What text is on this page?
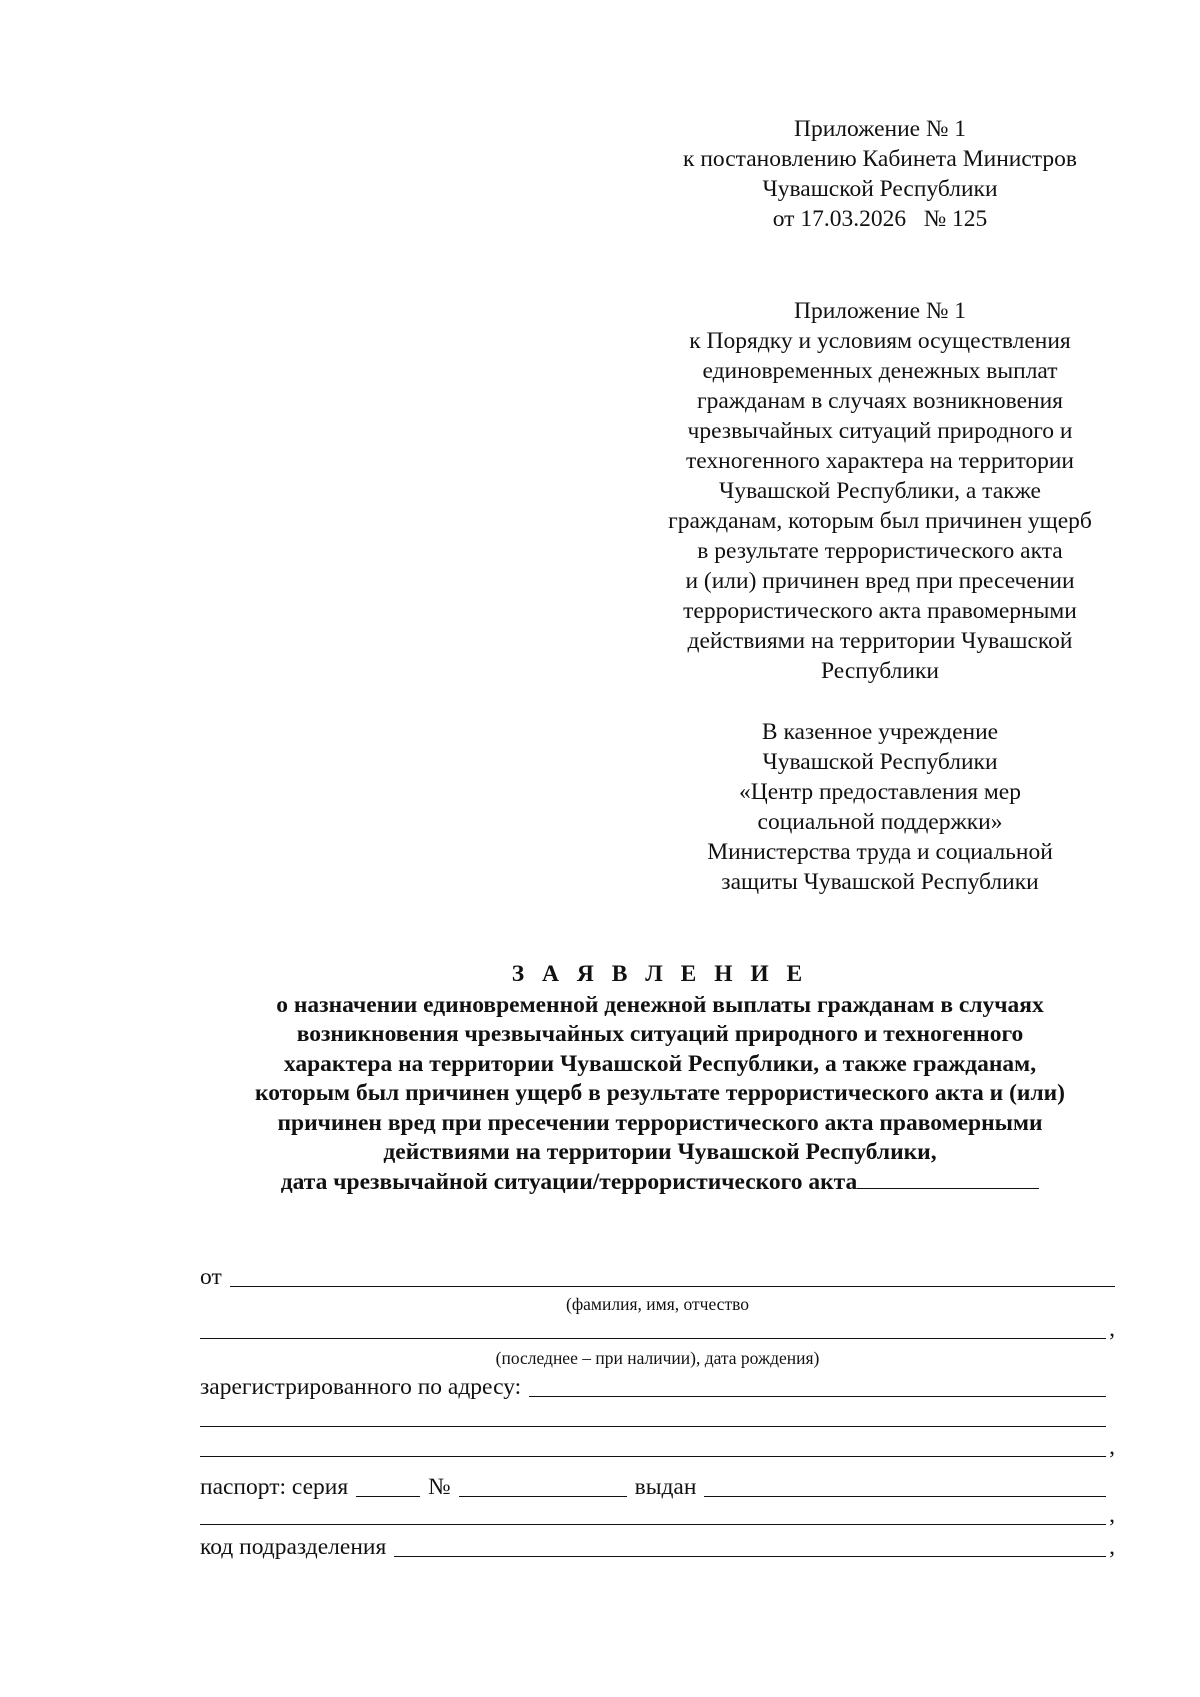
Приложение № 1
к постановлению Кабинета Министров
Чувашской Республики
от 17.03.2026   № 125
Приложение № 1
к Порядку и условиям осуществления
единовременных денежных выплат
гражданам в случаях возникновения
чрезвычайных ситуаций природного и
техногенного характера на территории
Чувашской Республики, а также
гражданам, которым был причинен ущерб
в результате террористического акта
и (или) причинен вред при пресечении
террористического акта правомерными
действиями на территории Чувашской
Республики
В казенное учреждение
Чувашской Республики
«Центр предоставления мер
социальной поддержки»
Министерства труда и социальной
защиты Чувашской Республики
З А Я В Л Е Н И Е
о назначении единовременной денежной выплаты гражданам в случаях
возникновения чрезвычайных ситуаций природного и техногенного
характера на территории Чувашской Республики, а также гражданам,
которым был причинен ущерб в результате террористического акта и (или)
причинен вред при пресечении террористического акта правомерными
действиями на территории Чувашской Республики,
дата чрезвычайной ситуации/террористического акта
от
(фамилия, имя, отчество
,
(последнее – при наличии), дата рождения)
зарегистрированного по адресу:
,
паспорт: серия	№	выдан
,
код подразделения	,
